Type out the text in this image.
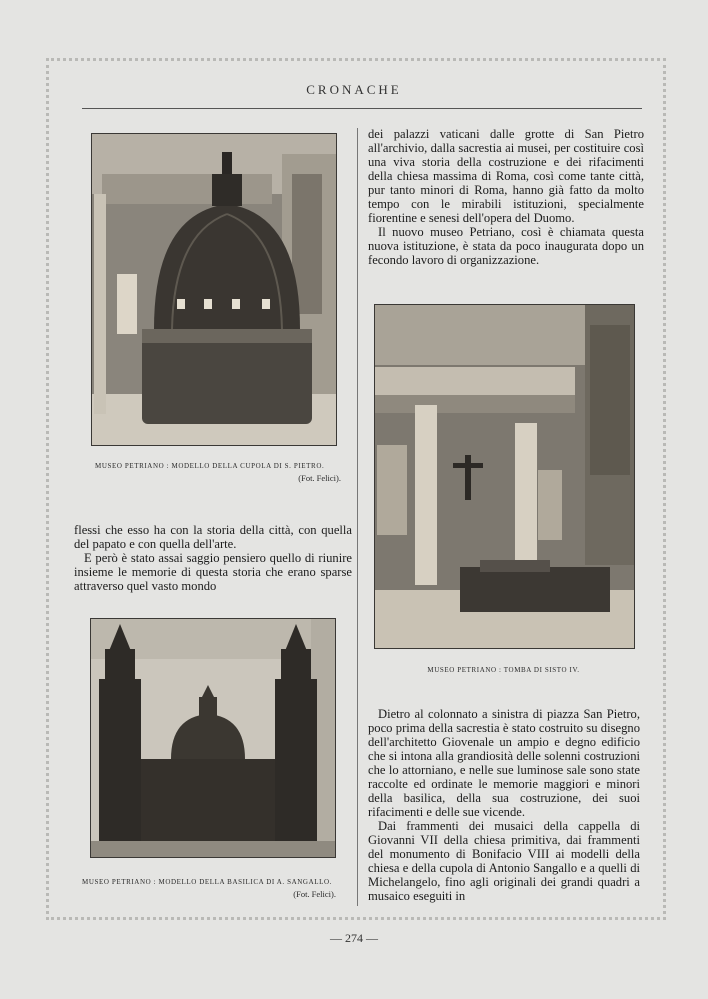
CRONACHE
MUSEO PETRIANO : MODELLO DELLA CUPOLA DI S. PIETRO.
(Fot. Felici).

dei palazzi vaticani dalle grotte di San Pietro all'archivio, dalla sacrestia ai musei, per costituire così una viva storia della costruzione e dei rifacimenti della chiesa massima di Roma, così come tante città, pur tanto minori di Roma, hanno già fatto da molto tempo con le mirabili istituzioni, specialmente fiorentine e senesi dell'opera del Duomo.

Il nuovo museo Petriano, così è chiamata questa nuova istituzione, è stata da poco inaugurata dopo un fecondo lavoro di organizzazione.

MUSEO PETRIANO : TOMBA DI SISTO IV.

flessi che esso ha con la storia della città, con quella del papato e con quella dell'arte.

E però è stato assai saggio pensiero quello di riunire insieme le memorie di questa storia che erano sparse attraverso quel vasto mondo

MUSEO PETRIANO : MODELLO DELLA BASILICA DI A. SANGALLO.
(Fot. Felici).

Dietro al colonnato a sinistra di piazza San Pietro, poco prima della sacrestia è stato costruito su disegno dell'architetto Giovenale un ampio e degno edificio che si intona alla grandiosità delle solenni costruzioni che lo attorniano, e nelle sue luminose sale sono state raccolte ed ordinate le memorie maggiori e minori della basilica, della sua costruzione, dei suoi rifacimenti e delle sue vicende.

Dai frammenti dei musaici della cappella di Giovanni VII della chiesa primitiva, dai frammenti del monumento di Bonifacio VIII ai modelli della chiesa e della cupola di Antonio Sangallo e a quelli di Michelangelo, fino agli originali dei grandi quadri a musaico eseguiti in

— 274 —
